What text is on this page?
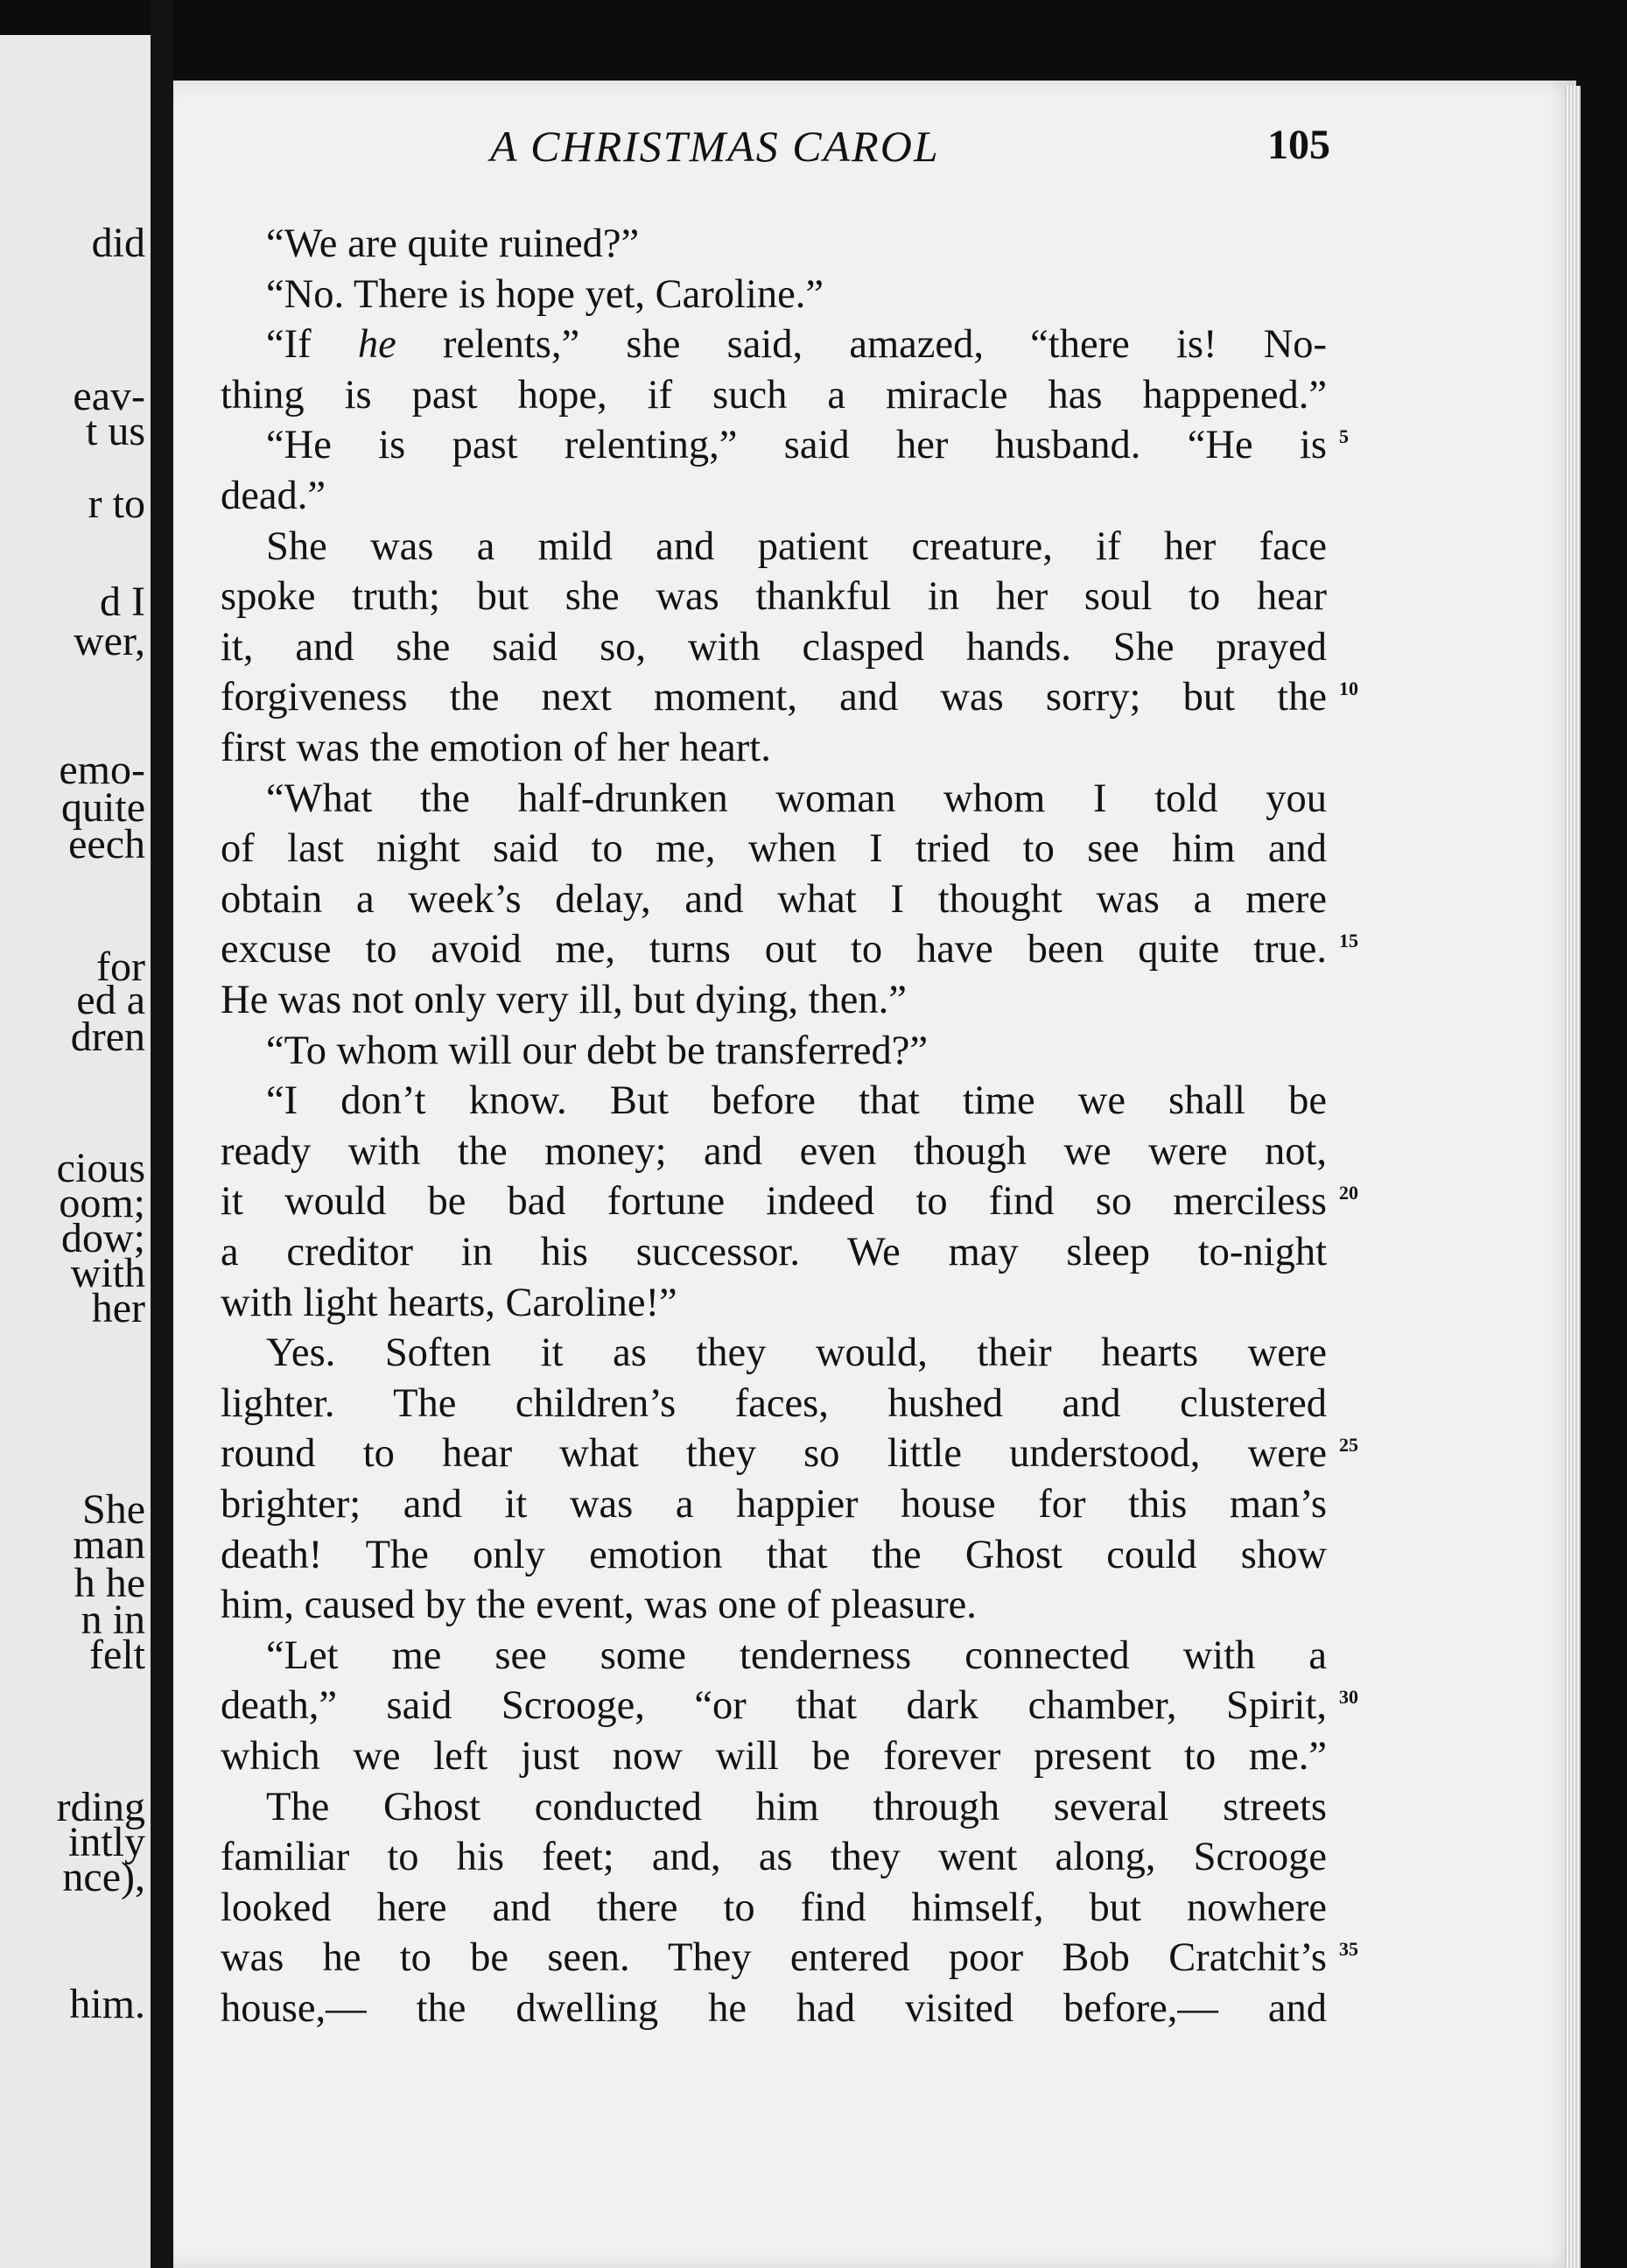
did
eav-
t us
r to
d I
wer,
emo-
quite
eech
for
ed a
dren
cious
oom;
dow;
with
her
She
man
h he
n in
felt
rding
intly
nce),
him.
A CHRISTMAS CAROL	105
“We are quite ruined?”
“No. There is hope yet, Caroline.”
“If he relents,” she said, amazed, “there is! No-
thing is past hope, if such a miracle has happened.”
“He is past relenting,” said her husband. “He is
dead.”
She was a mild and patient creature, if her face
spoke truth; but she was thankful in her soul to hear
it, and she said so, with clasped hands. She prayed
forgiveness the next moment, and was sorry; but the
first was the emotion of her heart.
“What the half-drunken woman whom I told you
of last night said to me, when I tried to see him and
obtain a week’s delay, and what I thought was a mere
excuse to avoid me, turns out to have been quite true.
He was not only very ill, but dying, then.”
“To whom will our debt be transferred?”
“I don’t know. But before that time we shall be
ready with the money; and even though we were not,
it would be bad fortune indeed to find so merciless
a creditor in his successor. We may sleep to-night
with light hearts, Caroline!”
Yes. Soften it as they would, their hearts were
lighter. The children’s faces, hushed and clustered
round to hear what they so little understood, were
brighter; and it was a happier house for this man’s
death! The only emotion that the Ghost could show
him, caused by the event, was one of pleasure.
“Let me see some tenderness connected with a
death,” said Scrooge, “or that dark chamber, Spirit,
which we left just now will be forever present to me.”
The Ghost conducted him through several streets
familiar to his feet; and, as they went along, Scrooge
looked here and there to find himself, but nowhere
was he to be seen. They entered poor Bob Cratchit’s
house,— the dwelling he had visited before,— and
5
10
15
20
25
30
35
